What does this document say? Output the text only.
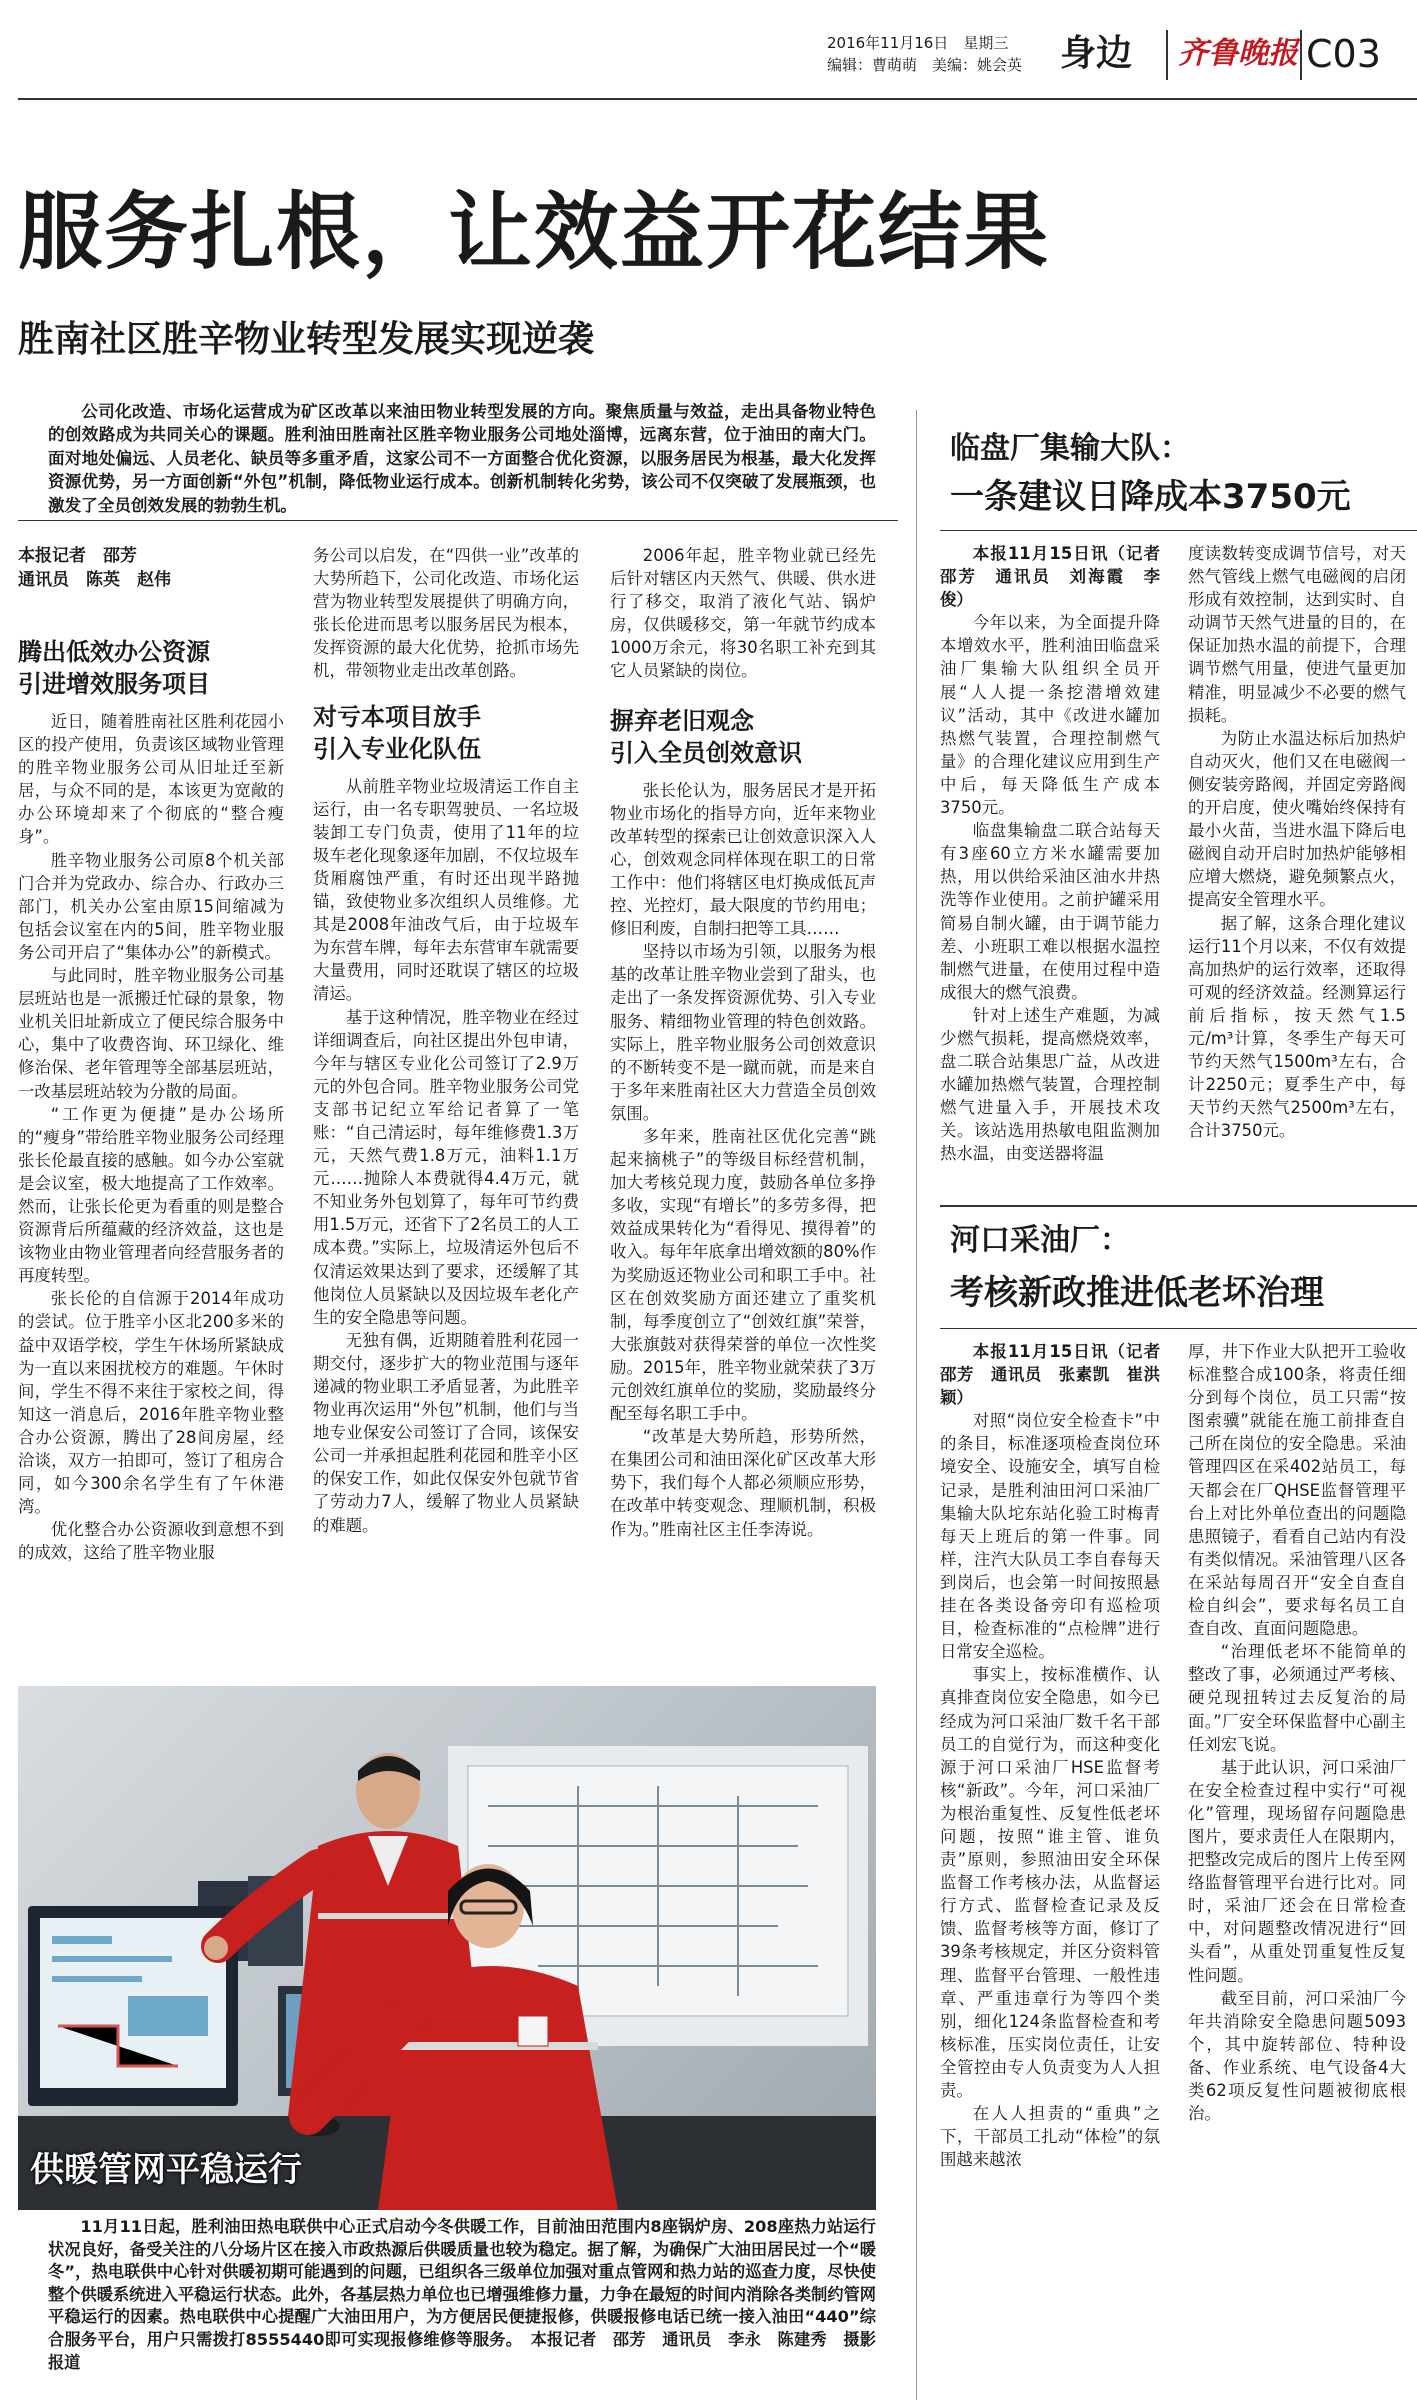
2016年11月16日　 星期三
编辑：曹萌萌　美编：姚会英 身边 齐鲁晚报 C03
服务扎根，让效益开花结果
胜南社区胜辛物业转型发展实现逆袭

公司化改造、市场化运营成为矿区改革以来油田物业转型发展的方向。聚焦质量与效益，走出具备物业特色的创效路成为共同关心的课题。胜利油田胜南社区胜辛物业服务公司地处淄博，远离东营，位于油田的南大门。面对地处偏远、人员老化、缺员等多重矛盾，这家公司不一方面整合优化资源，以服务居民为根基，最大化发挥资源优势，另一方面创新“外包”机制，降低物业运行成本。创新机制转化劣势，该公司不仅突破了发展瓶颈，也激发了全员创效发展的勃勃生机。

本报记者　邵芳
通讯员　陈英　赵伟
腾出低效办公资源
引进增效服务项目

近日，随着胜南社区胜利花园小区的投产使用，负责该区域物业管理的胜辛物业服务公司从旧址迁至新居，与众不同的是，本该更为宽敞的办公环境却来了个彻底的“整合瘦身”。

胜辛物业服务公司原8个机关部门合并为党政办、综合办、行政办三部门，机关办公室由原15间缩减为包括会议室在内的5间，胜辛物业服务公司开启了“集体办公”的新模式。

与此同时，胜辛物业服务公司基层班站也是一派搬迁忙碌的景象，物业机关旧址新成立了便民综合服务中心，集中了收费咨询、环卫绿化、维修治保、老年管理等全部基层班站，一改基层班站较为分散的局面。

“工作更为便捷”是办公场所的“瘦身”带给胜辛物业服务公司经理张长伦最直接的感触。如今办公室就是会议室，极大地提高了工作效率。然而，让张长伦更为看重的则是整合资源背后所蕴藏的经济效益，这也是该物业由物业管理者向经营服务者的再度转型。

张长伦的自信源于2014年成功的尝试。位于胜辛小区北200多米的益中双语学校，学生午休场所紧缺成为一直以来困扰校方的难题。午休时间，学生不得不来往于家校之间，得知这一消息后，2016年胜辛物业整合办公资源，腾出了28间房屋，经洽谈，双方一拍即可，签订了租房合同，如今300余名学生有了午休港湾。

优化整合办公资源收到意想不到的成效，这给了胜辛物业服

务公司以启发，在“四供一业”改革的大势所趋下，公司化改造、市场化运营为物业转型发展提供了明确方向，张长伦进而思考以服务居民为根本，发挥资源的最大化优势，抢抓市场先机，带领物业走出改革创路。

对亏本项目放手
引入专业化队伍

从前胜辛物业垃圾清运工作自主运行，由一名专职驾驶员、一名垃圾装卸工专门负责，使用了11年的垃圾车老化现象逐年加剧，不仅垃圾车货厢腐蚀严重，有时还出现半路抛锚，致使物业多次组织人员维修。尤其是2008年油改气后，由于垃圾车为东营车牌，每年去东营审车就需要大量费用，同时还耽误了辖区的垃圾清运。

基于这种情况，胜辛物业在经过详细调查后，向社区提出外包申请，今年与辖区专业化公司签订了2.9万元的外包合同。胜辛物业服务公司党支部书记纪立军给记者算了一笔账：“自己清运时，每年维修费1.3万元，天然气费1.8万元，油料1.1万元……抛除人本费就得4.4万元，就不知业务外包划算了，每年可节约费用1.5万元，还省下了2名员工的人工成本费。”实际上，垃圾清运外包后不仅清运效果达到了要求，还缓解了其他岗位人员紧缺以及因垃圾车老化产生的安全隐患等问题。

无独有偶，近期随着胜利花园一期交付，逐步扩大的物业范围与逐年递减的物业职工矛盾显著，为此胜辛物业再次运用“外包”机制，他们与当地专业保安公司签订了合同，该保安公司一并承担起胜利花园和胜辛小区的保安工作，如此仅保安外包就节省了劳动力7人，缓解了物业人员紧缺的难题。

2006年起，胜辛物业就已经先后针对辖区内天然气、供暖、供水进行了移交，取消了液化气站、锅炉房，仅供暖移交，第一年就节约成本1000万余元，将30名职工补充到其它人员紧缺的岗位。

摒弃老旧观念
引入全员创效意识

张长伦认为，服务居民才是开拓物业市场化的指导方向，近年来物业改革转型的探索已让创效意识深入人心，创效观念同样体现在职工的日常工作中：他们将辖区电灯换成低瓦声控、光控灯，最大限度的节约用电；修旧利废，自制扫把等工具……

坚持以市场为引领，以服务为根基的改革让胜辛物业尝到了甜头，也走出了一条发挥资源优势、引入专业服务、精细物业管理的特色创效路。实际上，胜辛物业服务公司创效意识的不断转变不是一蹴而就，而是来自于多年来胜南社区大力营造全员创效氛围。

多年来，胜南社区优化完善“跳起来摘桃子”的等级目标经营机制，加大考核兑现力度，鼓励各单位多挣多收，实现“有增长”的多劳多得，把效益成果转化为“看得见、摸得着”的收入。每年年底拿出增效额的80%作为奖励返还物业公司和职工手中。社区在创效奖励方面还建立了重奖机制，每季度创立了“创效红旗”荣誉，大张旗鼓对获得荣誉的单位一次性奖励。2015年，胜辛物业就荣获了3万元创效红旗单位的奖励，奖励最终分配至每名职工手中。

“改革是大势所趋，形势所然，在集团公司和油田深化矿区改革大形势下，我们每个人都必须顺应形势，在改革中转变观念、理顺机制，积极作为。”胜南社区主任李涛说。

供暖管网平稳运行

11月11日起，胜利油田热电联供中心正式启动今冬供暖工作，目前油田范围内8座锅炉房、208座热力站运行状况良好，备受关注的八分场片区在接入市政热源后供暖质量也较为稳定。据了解，为确保广大油田居民过一个“暖冬”，热电联供中心针对供暖初期可能遇到的问题，已组织各三级单位加强对重点管网和热力站的巡查力度，尽快使整个供暖系统进入平稳运行状态。此外，各基层热力单位也已增强维修力量，力争在最短的时间内消除各类制约管网平稳运行的因素。热电联供中心提醒广大油田用户，为方便居民便捷报修，供暖报修电话已统一接入油田“440”综合服务平台，用户只需拨打8555440即可实现报修维修等服务。　本报记者　邵芳　通讯员　李永　陈建秀　摄影报道

临盘厂集输大队：
一条建议日降成本3750元

本报11月15日讯（记者　邵芳　通讯员　刘海霞　李俊）

今年以来，为全面提升降本增效水平，胜利油田临盘采油厂集输大队组织全员开展“人人提一条挖潜增效建议”活动，其中《改进水罐加热燃气装置，合理控制燃气量》的合理化建议应用到生产中后，每天降低生产成本3750元。

临盘集输盘二联合站每天有3座60立方米水罐需要加热，用以供给采油区油水井热洗等作业使用。之前护罐采用简易自制火罐，由于调节能力差、小班职工难以根据水温控制燃气进量，在使用过程中造成很大的燃气浪费。

针对上述生产难题，为减少燃气损耗，提高燃烧效率，盘二联合站集思广益，从改进水罐加热燃气装置，合理控制燃气进量入手，开展技术攻关。该站选用热敏电阻监测加热水温，由变送器将温

度读数转变成调节信号，对天然气管线上燃气电磁阀的启闭形成有效控制，达到实时、自动调节天然气进量的目的，在保证加热水温的前提下，合理调节燃气用量，使进气量更加精准，明显减少不必要的燃气损耗。

为防止水温达标后加热炉自动灭火，他们又在电磁阀一侧安装旁路阀，并固定旁路阀的开启度，使火嘴始终保持有最小火苗，当进水温下降后电磁阀自动开启时加热炉能够相应增大燃烧，避免频繁点火，提高安全管理水平。

据了解，这条合理化建议运行11个月以来，不仅有效提高加热炉的运行效率，还取得可观的经济效益。经测算运行前后指标，按天然气1.5元/m³计算，冬季生产每天可节约天然气1500m³左右，合计2250元；夏季生产中，每天节约天然气2500m³左右，合计3750元。

河口采油厂：
考核新政推进低老坏治理

本报11月15日讯（记者　邵芳　通讯员　张素凯　崔洪颖）

对照“岗位安全检查卡”中的条目，标准逐项检查岗位环境安全、设施安全，填写自检记录，是胜利油田河口采油厂集输大队坨东站化验工时梅青每天上班后的第一件事。同样，注汽大队员工李自春每天到岗后，也会第一时间按照悬挂在各类设备旁印有巡检项目，检查标准的“点检牌”进行日常安全巡检。

事实上，按标准横作、认真排查岗位安全隐患，如今已经成为河口采油厂数千名干部员工的自觉行为，而这种变化源于河口采油厂HSE监督考核“新政”。今年，河口采油厂为根治重复性、反复性低老坏问题，按照“谁主管、谁负责”原则，参照油田安全环保监督工作考核办法，从监督运行方式、监督检查记录及反馈、监督考核等方面，修订了39条考核规定，并区分资料管理、监督平台管理、一般性违章、严重违章行为等四个类别，细化124条监督检查和考核标准，压实岗位责任，让安全管控由专人负责变为人人担责。

在人人担责的“重典”之下，干部员工扎动“体检”的氛围越来越浓

厚，井下作业大队把开工验收标准整合成100条，将责任细分到每个岗位，员工只需“按图索骥”就能在施工前排查自己所在岗位的安全隐患。采油管理四区在采402站员工，每天都会在厂QHSE监督管理平台上对比外单位查出的问题隐患照镜子，看看自己站内有没有类似情况。采油管理八区各在采站每周召开“安全自查自检自纠会”，要求每名员工自查自改、直面问题隐患。

“治理低老坏不能简单的整改了事，必须通过严考核、硬兑现扭转过去反复治的局面。”厂安全环保监督中心副主任刘宏飞说。

基于此认识，河口采油厂在安全检查过程中实行“可视化”管理，现场留存问题隐患图片，要求责任人在限期内，把整改完成后的图片上传至网络监督管理平台进行比对。同时，采油厂还会在日常检查中，对问题整改情况进行“回头看”，从重处罚重复性反复性问题。

截至目前，河口采油厂今年共消除安全隐患问题5093个，其中旋转部位、特种设备、作业系统、电气设备4大类62项反复性问题被彻底根治。
